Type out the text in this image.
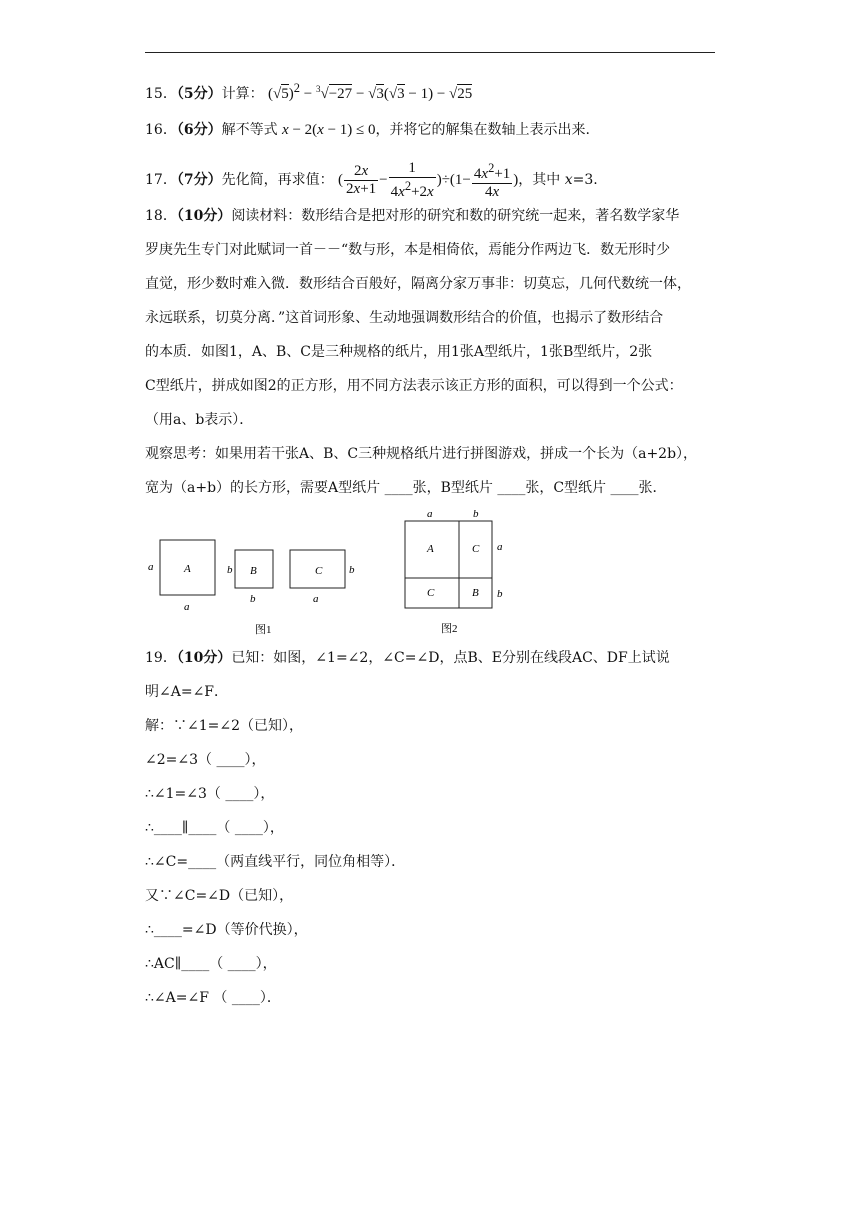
15．（5分）计算： $(√5)^2 - ^3√-27 - √3(√3 - 1) - √25$
16．（6分）解不等式 x − 2(x − 1) ≤ 0，并将它的解集在数轴上表示出来.
17．（7分）先化简，再求值： ( $\frac{2x}{2x+1} - \frac{1}{4x^2+2x} )\div(1- \frac{4x^2+1}{4x}$ )，其中 x=3.
18．（10分）阅读材料：数形结合是把对形的研究和数的研究统一起来，著名数学家华
罗庚先生专门对此赋词一首－－“数与形，本是相倚依，焉能分作两边飞．数无形时少
直觉，形少数时难入微．数形结合百般好，隔离分家万事非：切莫忘，几何代数统一体，
永远联系，切莫分离．”这首词形象、生动地强调数形结合的价值，也揭示了数形结合
的本质．如图1，A、B、C是三种规格的纸片，用1张A型纸片，1张B型纸片，2张
C型纸片，拼成如图2的正方形，用不同方法表示该正方形的面积，可以得到一个公式：
（用a、b表示）．
观察思考：如果用若干张A、B、C三种规格纸片进行拼图游戏，拼成一个长为（a+2b），
宽为（a+b）的长方形，需要A型纸片 ____张，B型纸片 ____张，C型纸片 ____张．
A
a
a
B
b
b
C b
a
图1
a	b
a
b
A	C
C	B
图2
19．（10分）已知：如图，∠1=∠2，∠C=∠D，点B、E分别在线段AC、DF上试说
明∠A=∠F．
解：∵∠1=∠2（已知），
∠2=∠3（ ____），
∴∠1=∠3（ ____），
∴____∥____（ ____），
∴∠C=____（两直线平行，同位角相等）．
又∵∠C=∠D（已知），
∴____=∠D（等价代换），
∴AC∥____（ ____），
∴∠A=∠F （ ____）．
